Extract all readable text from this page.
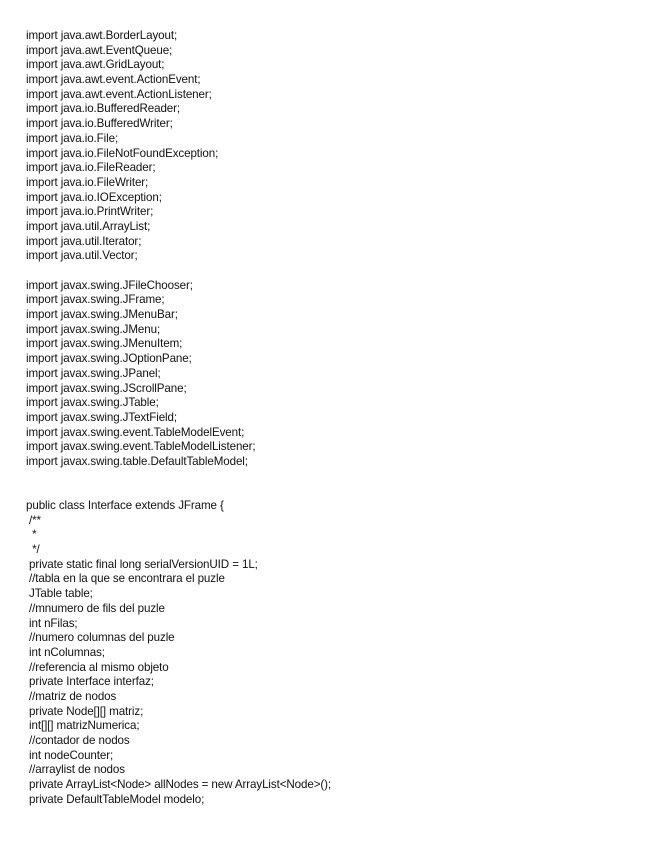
import java.awt.BorderLayout;
import java.awt.EventQueue;
import java.awt.GridLayout;
import java.awt.event.ActionEvent;
import java.awt.event.ActionListener;
import java.io.BufferedReader;
import java.io.BufferedWriter;
import java.io.File;
import java.io.FileNotFoundException;
import java.io.FileReader;
import java.io.FileWriter;
import java.io.IOException;
import java.io.PrintWriter;
import java.util.ArrayList;
import java.util.Iterator;
import java.util.Vector;
import javax.swing.JFileChooser;
import javax.swing.JFrame;
import javax.swing.JMenuBar;
import javax.swing.JMenu;
import javax.swing.JMenuItem;
import javax.swing.JOptionPane;
import javax.swing.JPanel;
import javax.swing.JScrollPane;
import javax.swing.JTable;
import javax.swing.JTextField;
import javax.swing.event.TableModelEvent;
import javax.swing.event.TableModelListener;
import javax.swing.table.DefaultTableModel;
public class Interface extends JFrame {
/**
*
*/
private static final long serialVersionUID = 1L;
//tabla en la que se encontrara el puzle
JTable table;
//mnumero de fils del puzle
int nFilas;
//numero columnas del puzle
int nColumnas;
//referencia al mismo objeto
private Interface interfaz;
//matriz de nodos
private Node[][] matriz;
int[][] matrizNumerica;
//contador de nodos
int nodeCounter;
//arraylist de nodos
private ArrayList<Node> allNodes = new ArrayList<Node>();
private DefaultTableModel modelo;
